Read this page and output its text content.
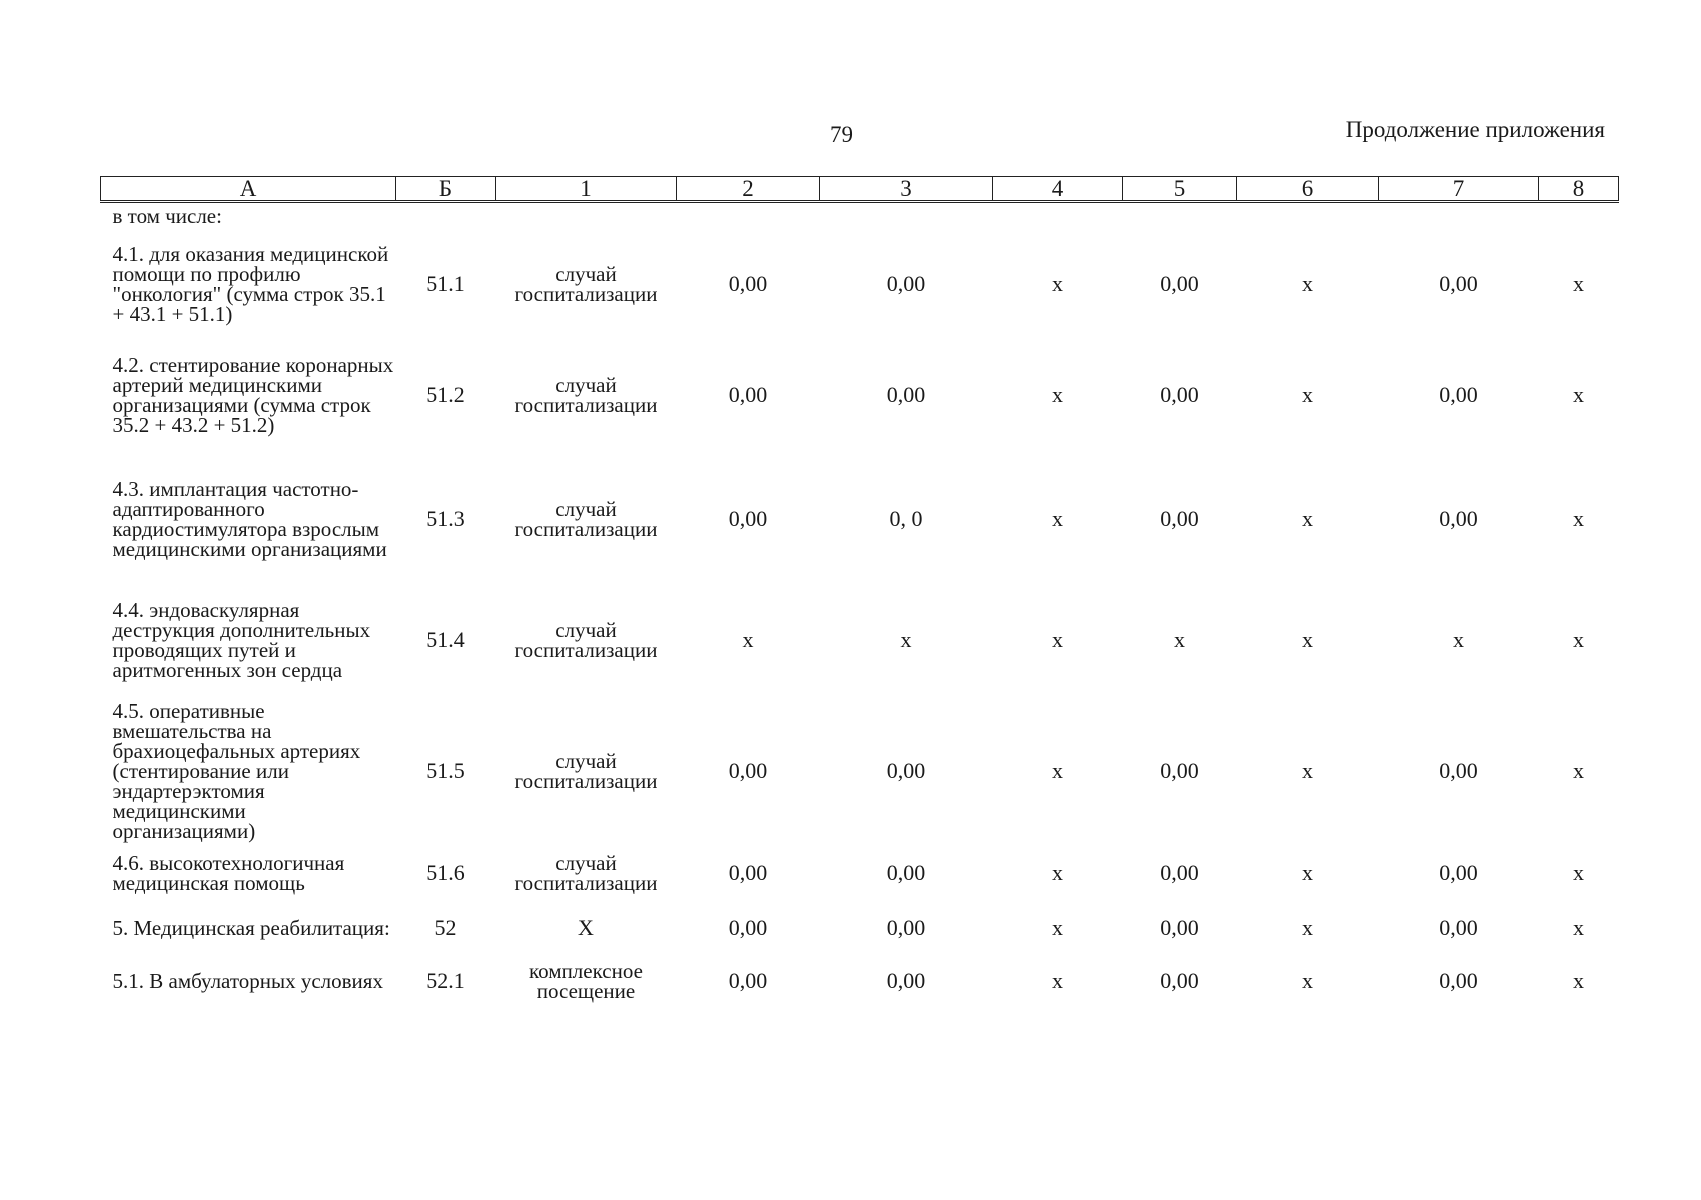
79	Продолжение приложения
А	Б	1	2	3	4	5	6	7	8
в том числе:									
4.1. для оказания медицинской помощи по профилю "онкология" (сумма строк 35.1 + 43.1 + 51.1)	51.1	случай госпитализации	0,00	0,00	х	0,00	х	0,00	х
4.2. стентирование коронарных артерий медицинскими организациями (сумма строк 35.2 + 43.2 + 51.2)	51.2	случай госпитализации	0,00	0,00	х	0,00	х	0,00	х
4.3. имплантация частотно-адаптированного кардиостимулятора взрослым медицинскими организациями	51.3	случай госпитализации	0,00	0, 0	х	0,00	х	0,00	х
4.4. эндоваскулярная деструкция дополнительных проводящих путей и аритмогенных зон сердца	51.4	случай госпитализации	х	х	х	х	х	х	х
4.5. оперативные вмешательства на брахиоцефальных артериях (стентирование или эндартерэктомия медицинскими организациями)	51.5	случай госпитализации	0,00	0,00	х	0,00	х	0,00	х
4.6. высокотехнологичная медицинская помощь	51.6	случай госпитализации	0,00	0,00	х	0,00	х	0,00	х
5. Медицинская реабилитация:	52	Х	0,00	0,00	х	0,00	х	0,00	х
5.1. В амбулаторных условиях	52.1	комплексное посещение	0,00	0,00	х	0,00	х	0,00	х
